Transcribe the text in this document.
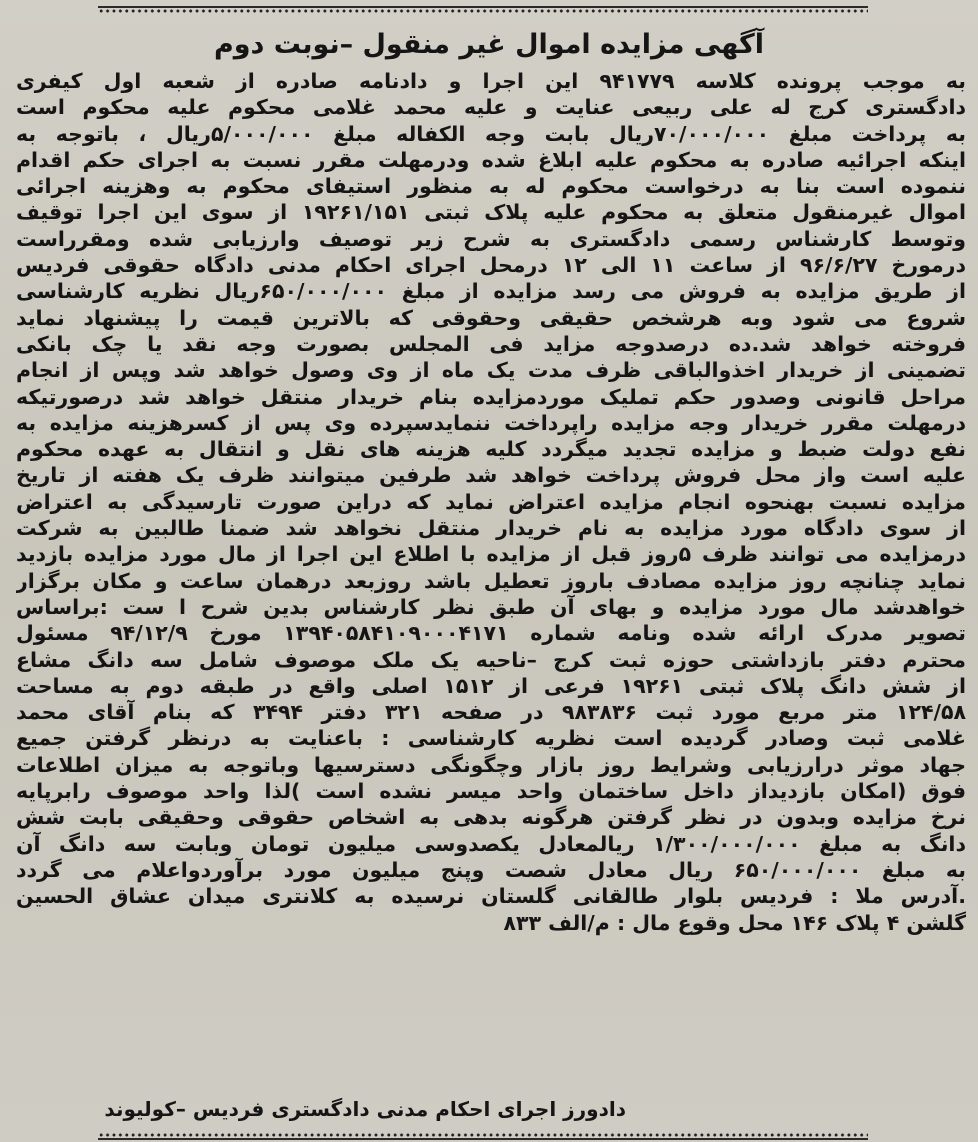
آگهی مزایده اموال غیر منقول –نوبت دوم
به موجب پرونده کلاسه ۹۴۱۷۷۹ این اجرا و دادنامه صادره از شعبه اول کیفری
دادگستری کرج له علی ربیعی عنایت و علیه محمد غلامی محکوم علیه محکوم است
به پرداخت مبلغ ۷۰/۰۰۰/۰۰۰ریال بابت وجه الکفاله مبلغ ۵/۰۰۰/۰۰۰ریال ، باتوجه به
اینکه اجرائیه صادره به محکوم علیه ابلاغ شده ودرمهلت مقرر نسبت به اجرای حکم اقدام
ننموده است بنا به درخواست محکوم له به منظور استیفای محکوم به وهزینه اجرائی
اموال غیرمنقول متعلق به محکوم علیه پلاک ثبتی ۱۹۲۶۱/۱۵۱ از سوی این اجرا توقیف
وتوسط کارشناس رسمی دادگستری به شرح زیر توصیف وارزیابی شده ومقرراست
درمورخ ۹۶/۶/۲۷ از ساعت ۱۱ الی ۱۲ درمحل اجرای احکام مدنی دادگاه حقوقی فردیس
از طریق مزایده به فروش می رسد مزایده از مبلغ ۶۵۰/۰۰۰/۰۰۰ریال نظریه کارشناسی
شروع می شود وبه هرشخص حقیقی وحقوقی که بالاترین قیمت را پیشنهاد نماید
فروخته خواهد شد.ده درصدوجه مزاید فی المجلس بصورت وجه نقد یا چک بانکی
تضمینی از خریدار اخذوالباقی ظرف مدت یک ماه از وی وصول خواهد شد وپس از انجام
مراحل قانونی وصدور حکم تملیک موردمزایده بنام خریدار منتقل خواهد شد درصورتیکه
درمهلت مقرر خریدار وجه مزایده راپرداخت ننمایدسپرده وی پس از کسرهزینه مزایده به
نفع دولت ضبط و مزایده تجدید میگردد کلیه هزینه های نقل و انتقال به عهده محکوم
علیه است واز محل فروش پرداخت خواهد شد طرفین میتوانند ظرف یک هفته از تاریخ
مزایده نسبت بهنحوه انجام مزایده اعتراض نماید که دراین صورت تارسیدگی به اعتراض
از سوی دادگاه مورد مزایده به نام خریدار منتقل نخواهد شد ضمنا طالبین به شرکت
درمزایده می توانند ظرف ۵روز قبل از مزایده با اطلاع این اجرا از مال مورد مزایده بازدید
نماید چنانچه روز مزایده مصادف باروز تعطیل باشد روزبعد درهمان ساعت و مکان برگزار
خواهدشد مال مورد مزایده و بهای آن طبق نظر کارشناس بدین شرح ا ست :براساس
تصویر مدرک ارائه شده ونامه شماره ۱۳۹۴۰۵۸۴۱۰۹۰۰۰۴۱۷۱ مورخ ۹۴/۱۲/۹ مسئول
محترم دفتر بازداشتی حوزه ثبت کرج –ناحیه یک ملک موصوف شامل سه دانگ مشاع
از شش دانگ پلاک ثبتی ۱۹۲۶۱ فرعی از ۱۵۱۲ اصلی واقع در طبقه دوم به مساحت
۱۲۴/۵۸ متر مربع مورد ثبت ۹۸۳۸۳۶ در صفحه ۳۲۱ دفتر ۳۴۹۴ که بنام آقای محمد
غلامی ثبت وصادر گردیده است نظریه کارشناسی : باعنایت به درنظر گرفتن جمیع
جهاد موثر درارزیابی وشرایط روز بازار وچگونگی دسترسیها وباتوجه به میزان اطلاعات
فوق (امکان بازدیداز داخل ساختمان واحد میسر نشده است )لذا واحد موصوف رابرپایه
نرخ مزایده وبدون در نظر گرفتن هرگونه بدهی به اشخاص حقوقی وحقیقی بابت شش
دانگ به مبلغ ۱/۳۰۰/۰۰۰/۰۰۰ ریالمعادل یکصدوسی میلیون تومان وبابت سه دانگ آن
به مبلغ ۶۵۰/۰۰۰/۰۰۰ ریال معادل شصت وپنج میلیون مورد برآوردواعلام می گردد
.آدرس ملا : فردیس بلوار طالقانی گلستان نرسیده به کلانتری میدان عشاق الحسین
گلشن ۴ پلاک ۱۴۶ محل وقوع مال : م/الف ۸۳۳
دادورز اجرای احکام مدنی دادگستری فردیس –کولیوند
